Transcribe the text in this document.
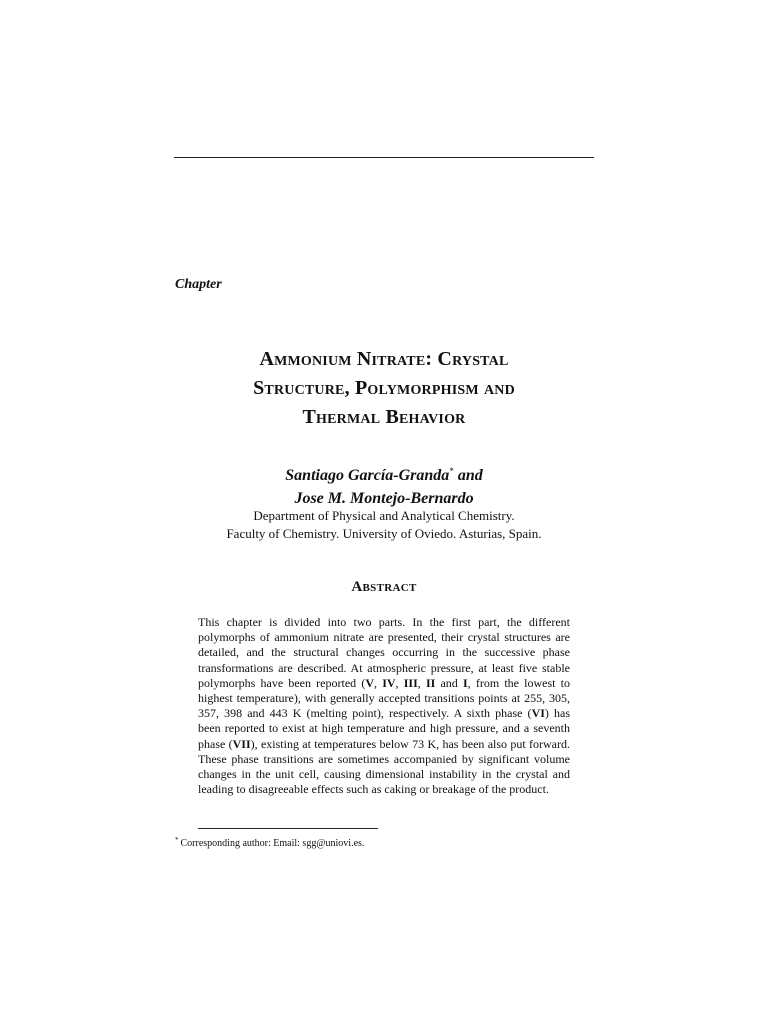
Chapter
Ammonium Nitrate: Crystal
Structure, Polymorphism and
Thermal Behavior
Santiago García-Granda* and
Jose M. Montejo-Bernardo
Department of Physical and Analytical Chemistry.
Faculty of Chemistry. University of Oviedo. Asturias, Spain.
Abstract
This chapter is divided into two parts. In the first part, the different polymorphs of ammonium nitrate are presented, their crystal structures are detailed, and the structural changes occurring in the successive phase transformations are described. At atmospheric pressure, at least five stable polymorphs have been reported (V, IV, III, II and I, from the lowest to highest temperature), with generally accepted transitions points at 255, 305, 357, 398 and 443 K (melting point), respectively. A sixth phase (VI) has been reported to exist at high temperature and high pressure, and a seventh phase (VII), existing at temperatures below 73 K, has been also put forward. These phase transitions are sometimes accompanied by significant volume changes in the unit cell, causing dimensional instability in the crystal and leading to disagreeable effects such as caking or breakage of the product.
* Corresponding author: Email: sgg@uniovi.es.
